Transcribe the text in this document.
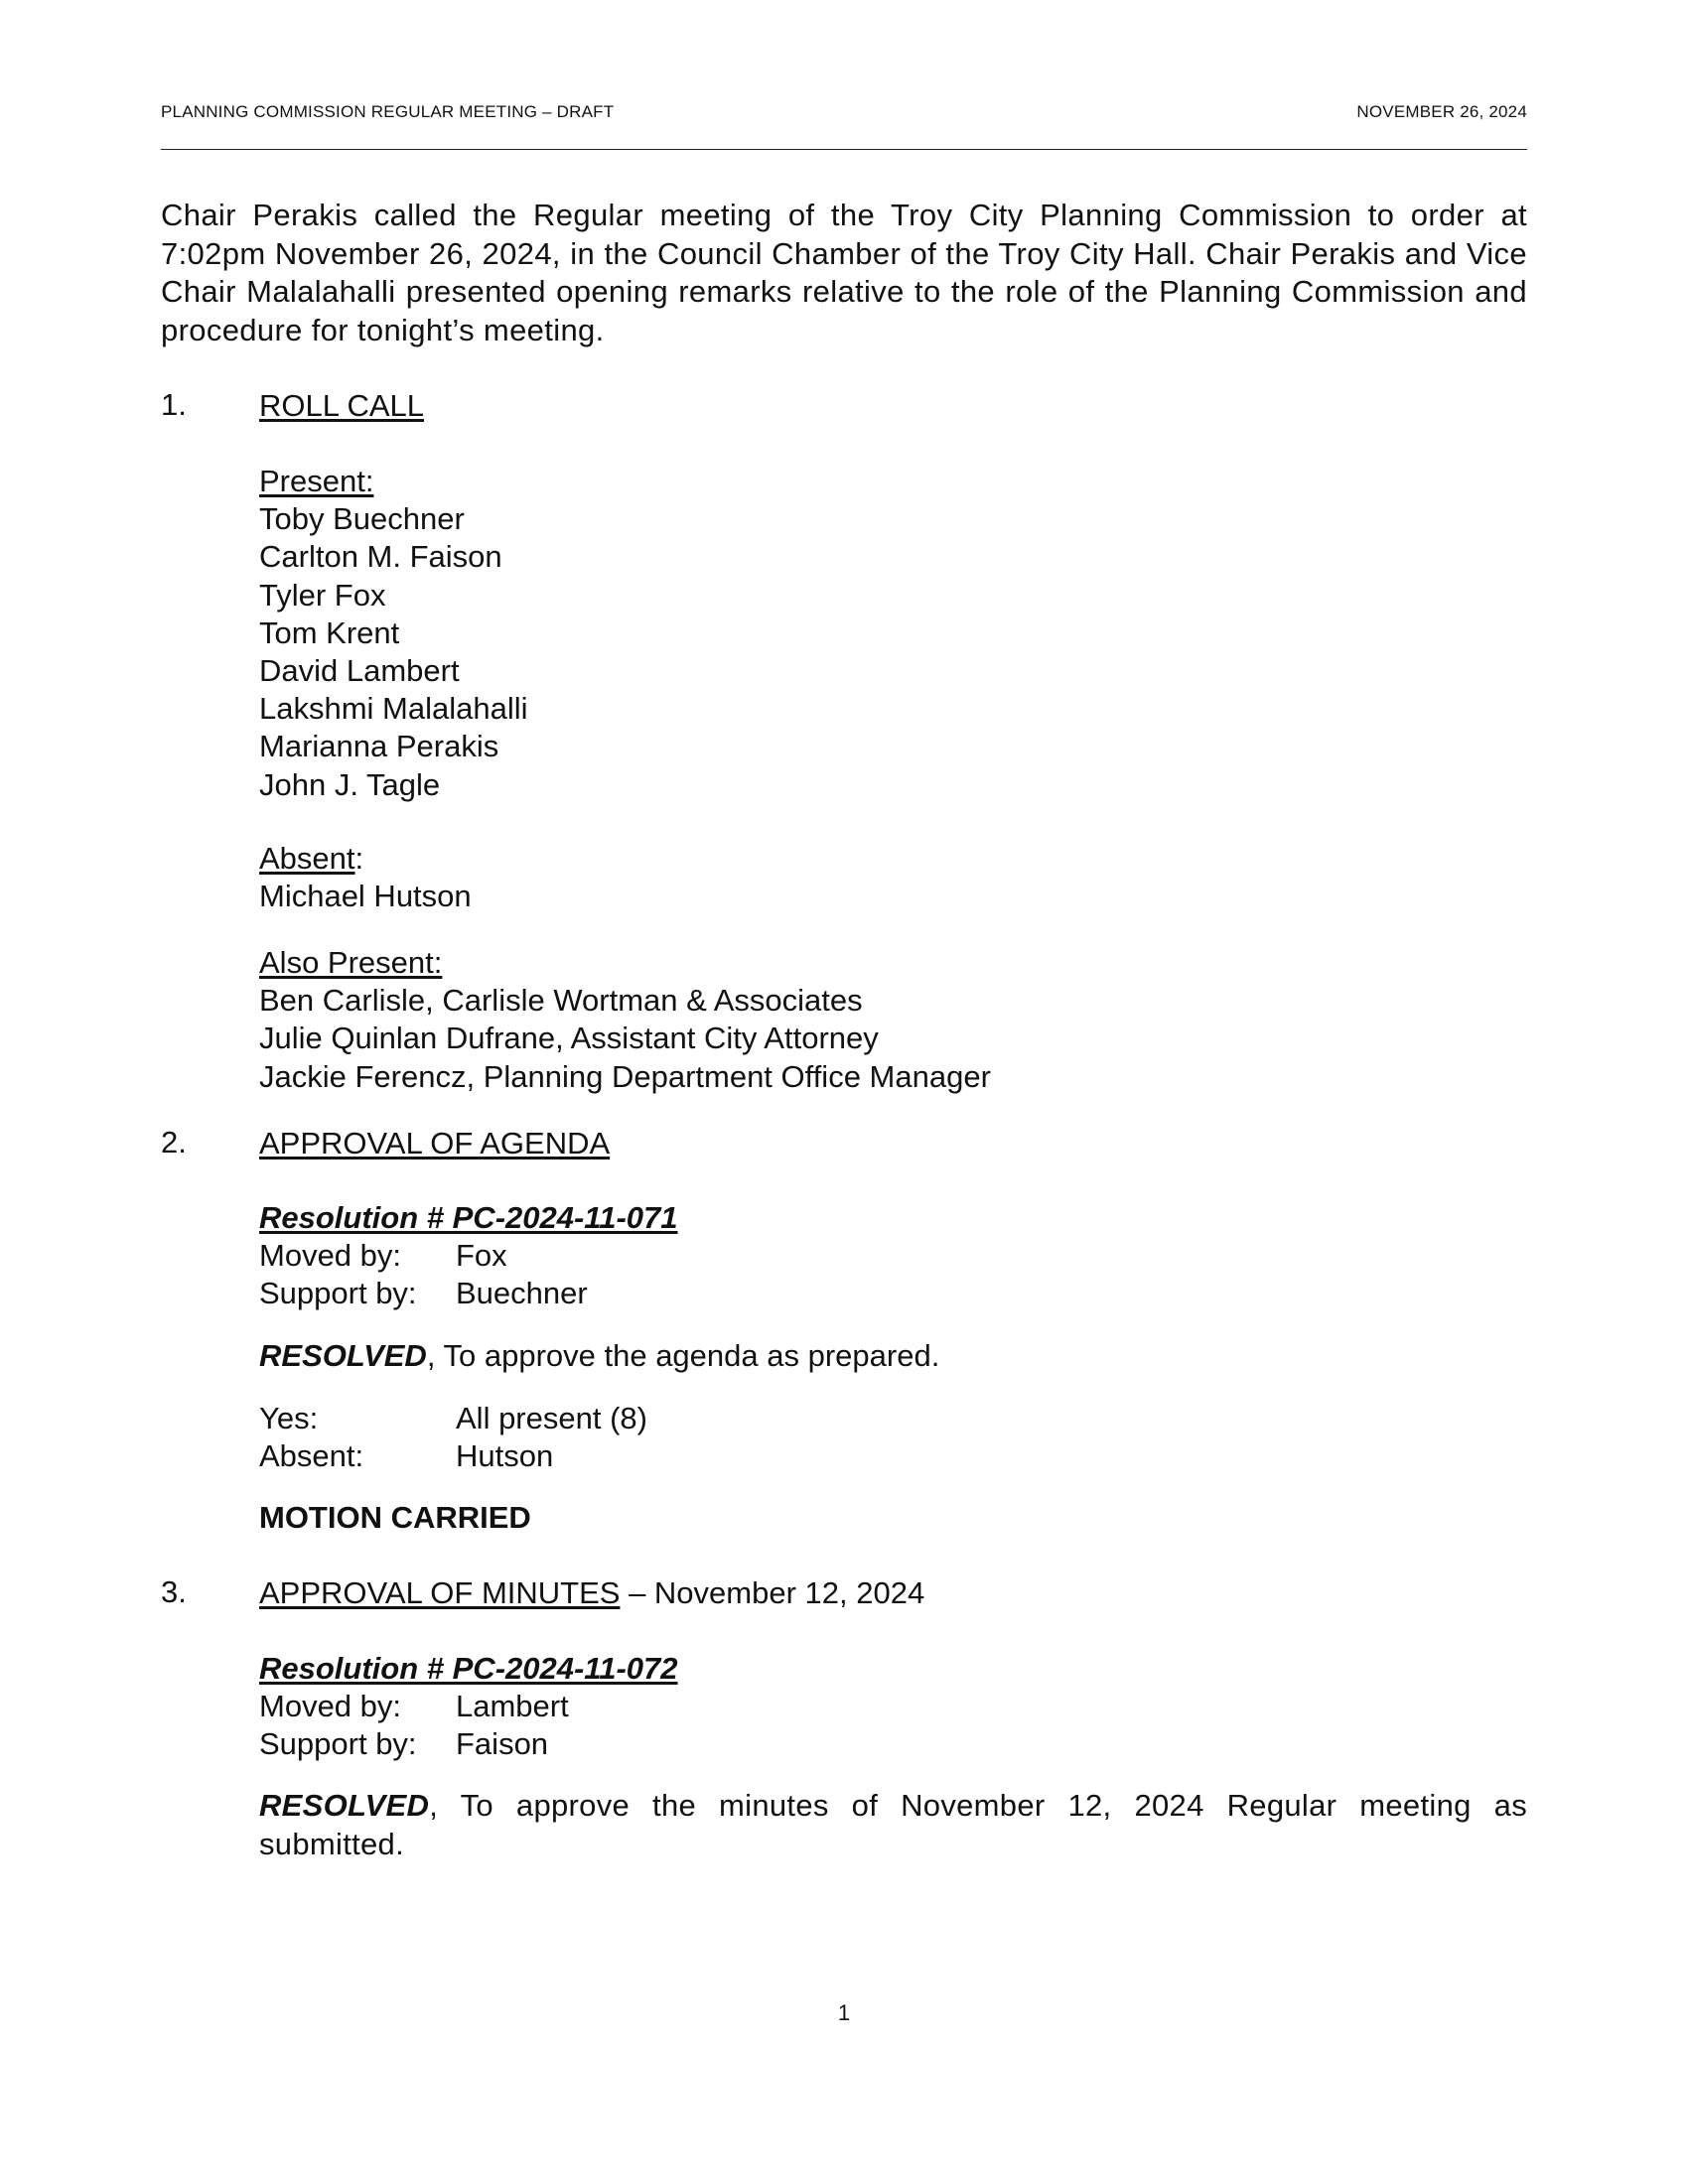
PLANNING COMMISSION REGULAR MEETING – DRAFT	NOVEMBER 26, 2024
Chair Perakis called the Regular meeting of the Troy City Planning Commission to order at 7:02pm November 26, 2024, in the Council Chamber of the Troy City Hall. Chair Perakis and Vice Chair Malalahalli presented opening remarks relative to the role of the Planning Commission and procedure for tonight’s meeting.
1. ROLL CALL
Present:
Toby Buechner
Carlton M. Faison
Tyler Fox
Tom Krent
David Lambert
Lakshmi Malalahalli
Marianna Perakis
John J. Tagle
Absent:
Michael Hutson
Also Present:
Ben Carlisle, Carlisle Wortman & Associates
Julie Quinlan Dufrane, Assistant City Attorney
Jackie Ferencz, Planning Department Office Manager
2. APPROVAL OF AGENDA
Resolution # PC-2024-11-071
Moved by: Fox
Support by: Buechner
RESOLVED, To approve the agenda as prepared.
Yes:	All present (8)
Absent:	Hutson
MOTION CARRIED
3. APPROVAL OF MINUTES – November 12, 2024
Resolution # PC-2024-11-072
Moved by: Lambert
Support by: Faison
RESOLVED, To approve the minutes of November 12, 2024 Regular meeting as submitted.
1
